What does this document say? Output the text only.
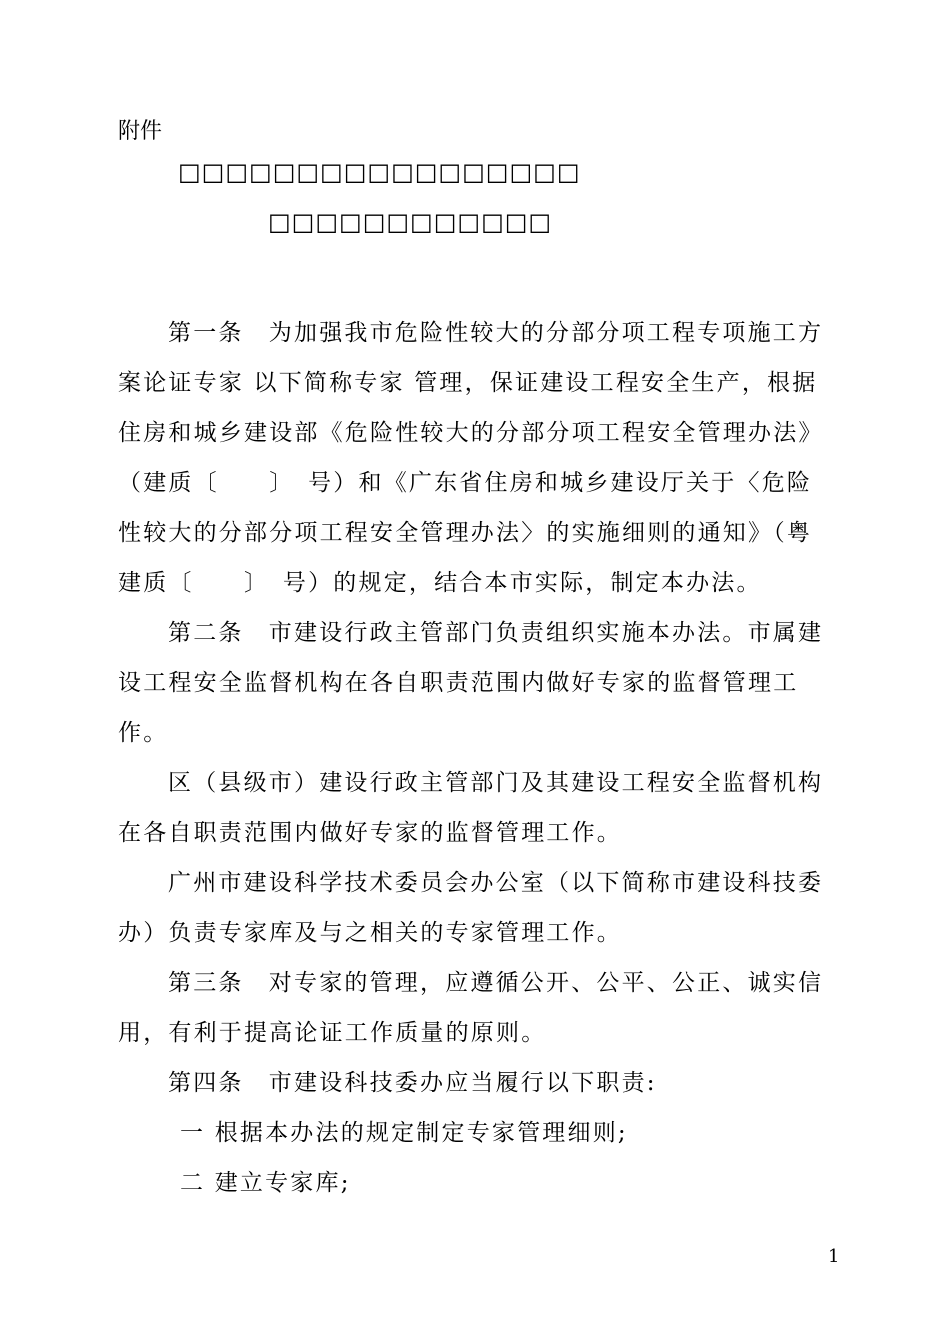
附件
□□□□□□□□□□□□□□□□□
□□□□□□□□□□□□
第一条　为加强我市危险性较大的分部分项工程专项施工方
案论证专家 以下简称专家 管理，保证建设工程安全生产，根据
住房和城乡建设部《危险性较大的分部分项工程安全管理办法》
（建质〔　　〕　号）和《广东省住房和城乡建设厅关于〈危险
性较大的分部分项工程安全管理办法〉的实施细则的通知》（粤
建质〔　　〕　号）的规定，结合本市实际，制定本办法。
第二条　市建设行政主管部门负责组织实施本办法。市属建
设工程安全监督机构在各自职责范围内做好专家的监督管理工
作。
区（县级市）建设行政主管部门及其建设工程安全监督机构
在各自职责范围内做好专家的监督管理工作。
广州市建设科学技术委员会办公室（以下简称市建设科技委
办）负责专家库及与之相关的专家管理工作。
第三条　对专家的管理，应遵循公开、公平、公正、诚实信
用，有利于提高论证工作质量的原则。
第四条　市建设科技委办应当履行以下职责:
一 根据本办法的规定制定专家管理细则;
二 建立专家库;
1
